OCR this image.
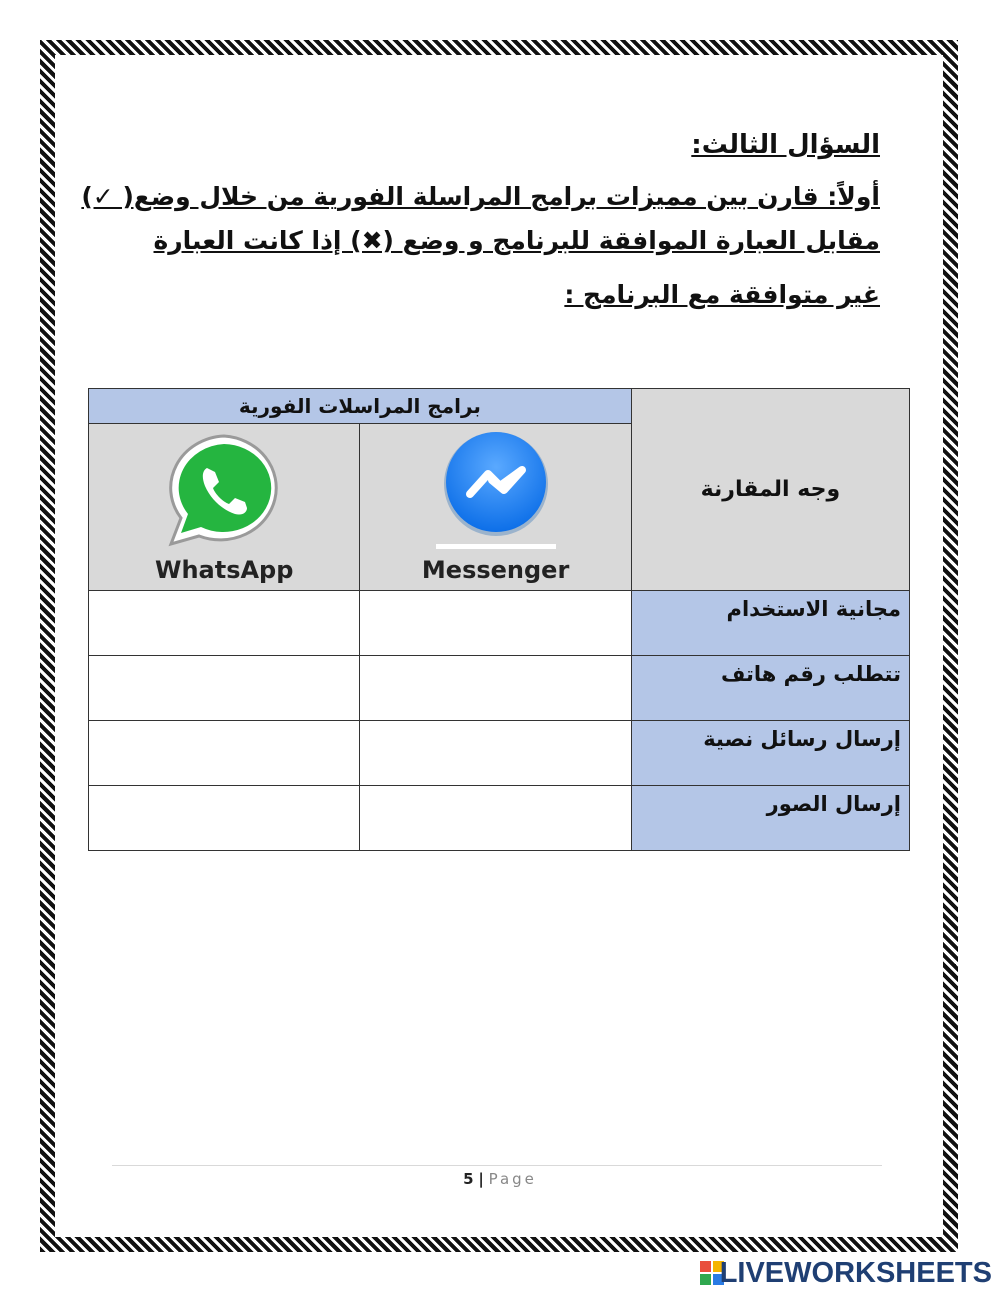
السؤال الثالث:
أولاً: قارن بين مميزات برامج المراسلة الفورية من خلال وضع( ✓)
مقابل العبارة الموافقة للبرنامج و وضع (✖) إذا كانت العبارة
غير متوافقة مع البرنامج :
وجه المقارنة	برامج المراسلات الفورية	

	Messenger	WhatsApp

مجانية الاستخدام		
تتطلب رقم هاتف		
إرسال رسائل نصية		
إرسال الصور		
5 | Page
LIVEWORKSHEETS
